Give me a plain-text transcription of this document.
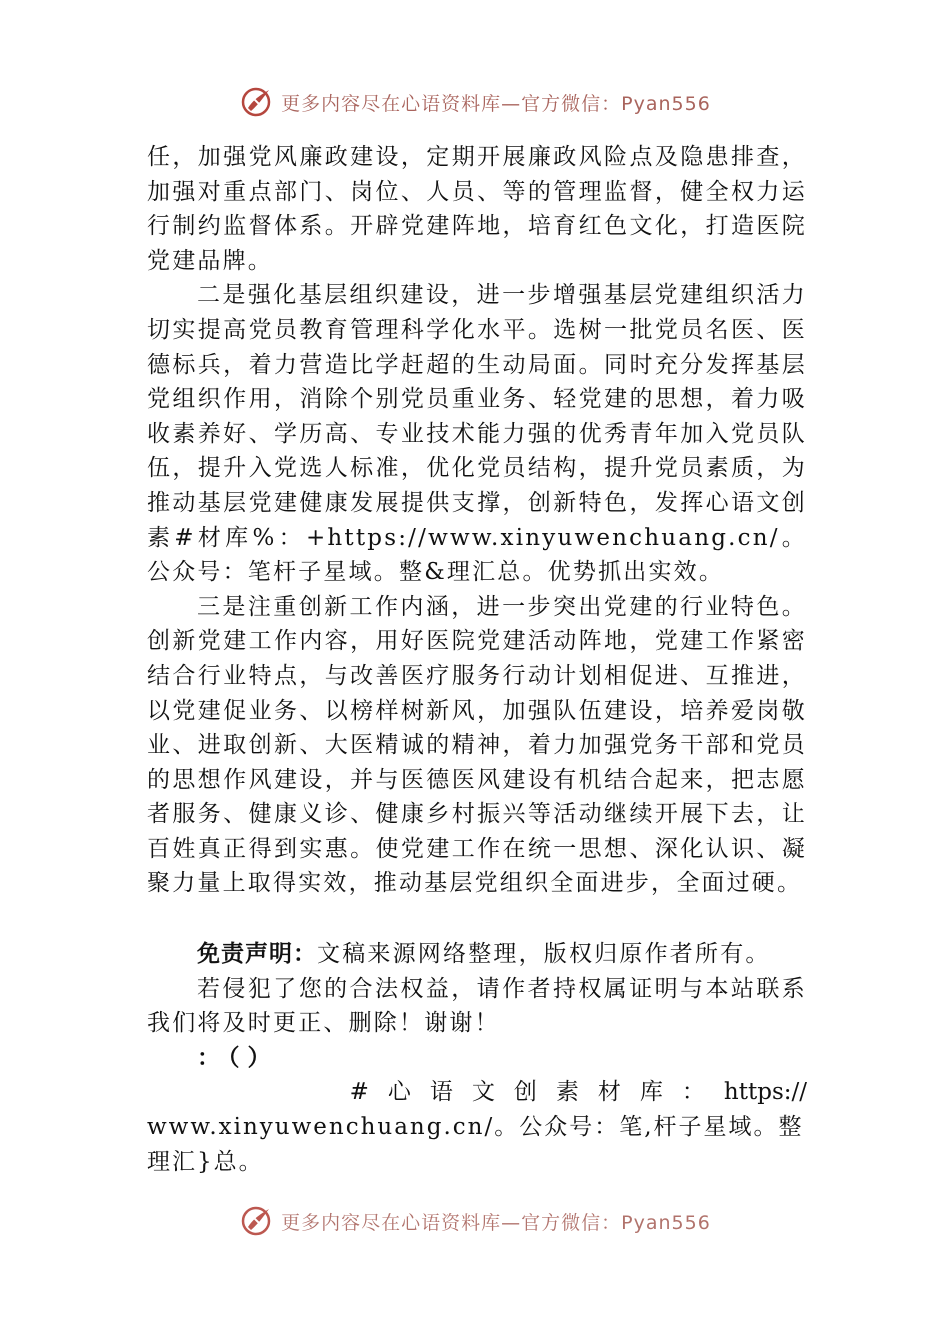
更多内容尽在心语资料库—官方微信：Pyan556

任，加强党风廉政建设，定期开展廉政风险点及隐患排查，加强对重点部门、岗位、人员、等的管理监督，健全权力运行制约监督体系。开辟党建阵地，培育红色文化，打造医院党建品牌。

二是强化基层组织建设，进一步增强基层党建组织活力切实提高党员教育管理科学化水平。选树一批党员名医、医德标兵，着力营造比学赶超的生动局面。同时充分发挥基层党组织作用，消除个别党员重业务、轻党建的思想，着力吸收素养好、学历高、专业技术能力强的优秀青年加入党员队伍，提升入党选人标准，优化党员结构，提升党员素质，为推动基层党建健康发展提供支撑，创新特色，发挥心语文创素#材库%：+https://www.xinyuwenchuang.cn/。公众号：笔杆子星域。整&理汇总。优势抓出实效。

三是注重创新工作内涵，进一步突出党建的行业特色。创新党建工作内容，用好医院党建活动阵地，党建工作紧密结合行业特点，与改善医疗服务行动计划相促进、互推进，以党建促业务、以榜样树新风，加强队伍建设，培养爱岗敬业、进取创新、大医精诚的精神，着力加强党务干部和党员的思想作风建设，并与医德医风建设有机结合起来，把志愿者服务、健康义诊、健康乡村振兴等活动继续开展下去，让百姓真正得到实惠。使党建工作在统一思想、深化认识、凝聚力量上取得实效，推动基层党组织全面进步，全面过硬。

免责声明：文稿来源网络整理，版权归原作者所有。

若侵犯了您的合法权益，请作者持权属证明与本站联系我们将及时更正、删除！谢谢！

：（）

#心语文创素材库：https://

www.xinyuwenchuang.cn/。公众号：笔,杆子星域。整理汇}总。

更多内容尽在心语资料库—官方微信：Pyan556
